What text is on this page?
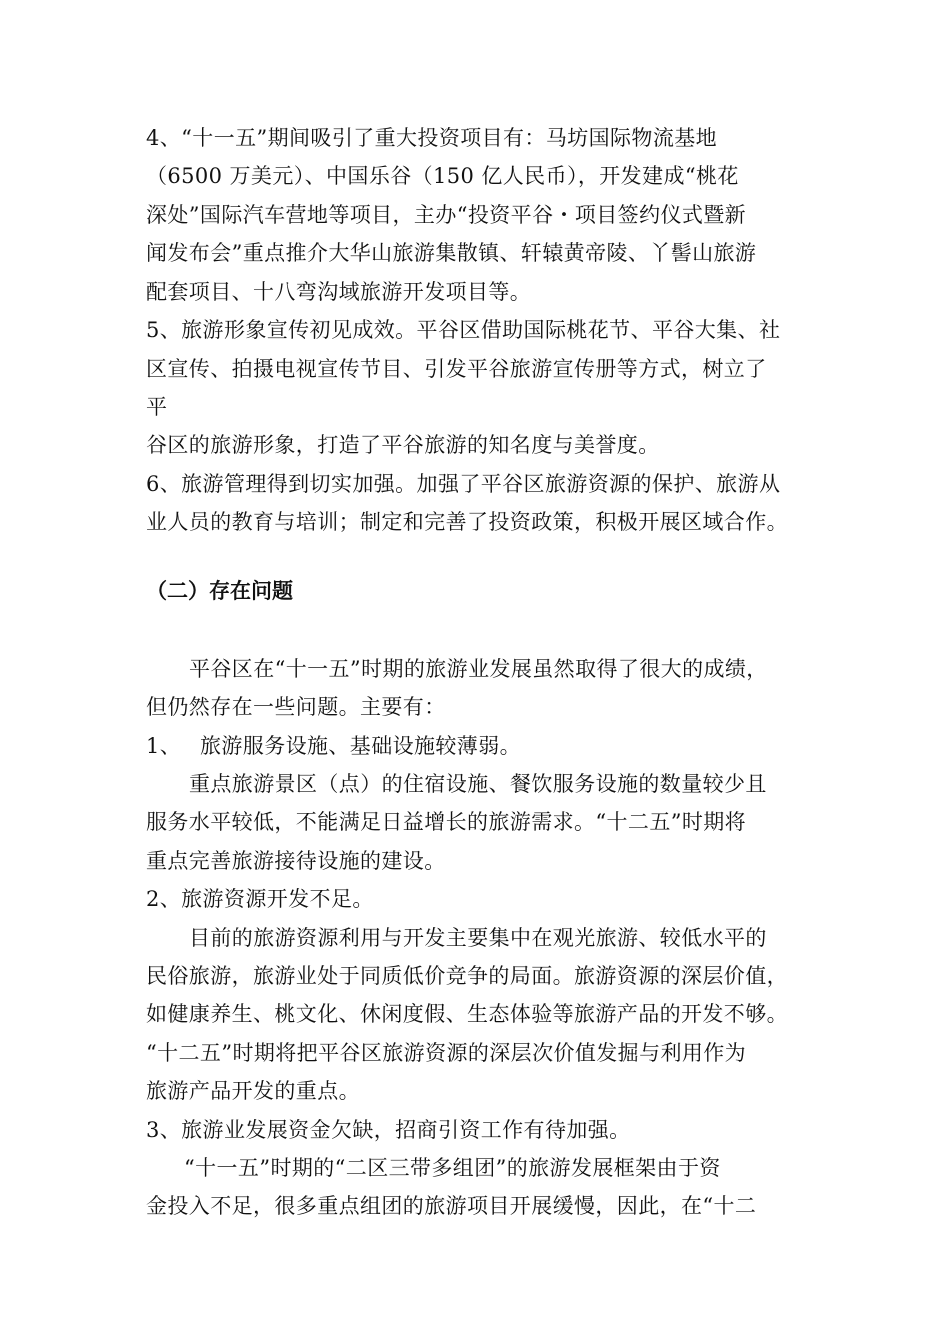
4、“十一五”期间吸引了重大投资项目有：马坊国际物流基地
（6500 万美元）、中国乐谷（150 亿人民币），开发建成“桃花
深处”国际汽车营地等项目，主办“投资平谷・项目签约仪式暨新
闻发布会”重点推介大华山旅游集散镇、轩辕黄帝陵、丫髻山旅游
配套项目、十八弯沟域旅游开发项目等。
5、旅游形象宣传初见成效。平谷区借助国际桃花节、平谷大集、社
区宣传、拍摄电视宣传节目、引发平谷旅游宣传册等方式，树立了
平
谷区的旅游形象，打造了平谷旅游的知名度与美誉度。
6、旅游管理得到切实加强。加强了平谷区旅游资源的保护、旅游从
业人员的教育与培训；制定和完善了投资政策，积极开展区域合作。
（二）存在问题
平谷区在“十一五”时期的旅游业发展虽然取得了很大的成绩，
但仍然存在一些问题。主要有：
1、 旅游服务设施、基础设施较薄弱。
重点旅游景区（点）的住宿设施、餐饮服务设施的数量较少且
服务水平较低，不能满足日益增长的旅游需求。“十二五”时期将
重点完善旅游接待设施的建设。
2、旅游资源开发不足。
目前的旅游资源利用与开发主要集中在观光旅游、较低水平的
民俗旅游，旅游业处于同质低价竞争的局面。旅游资源的深层价值，
如健康养生、桃文化、休闲度假、生态体验等旅游产品的开发不够。
“十二五”时期将把平谷区旅游资源的深层次价值发掘与利用作为
旅游产品开发的重点。
3、旅游业发展资金欠缺，招商引资工作有待加强。
“十一五”时期的“二区三带多组团”的旅游发展框架由于资
金投入不足，很多重点组团的旅游项目开展缓慢，因此，在“十二
